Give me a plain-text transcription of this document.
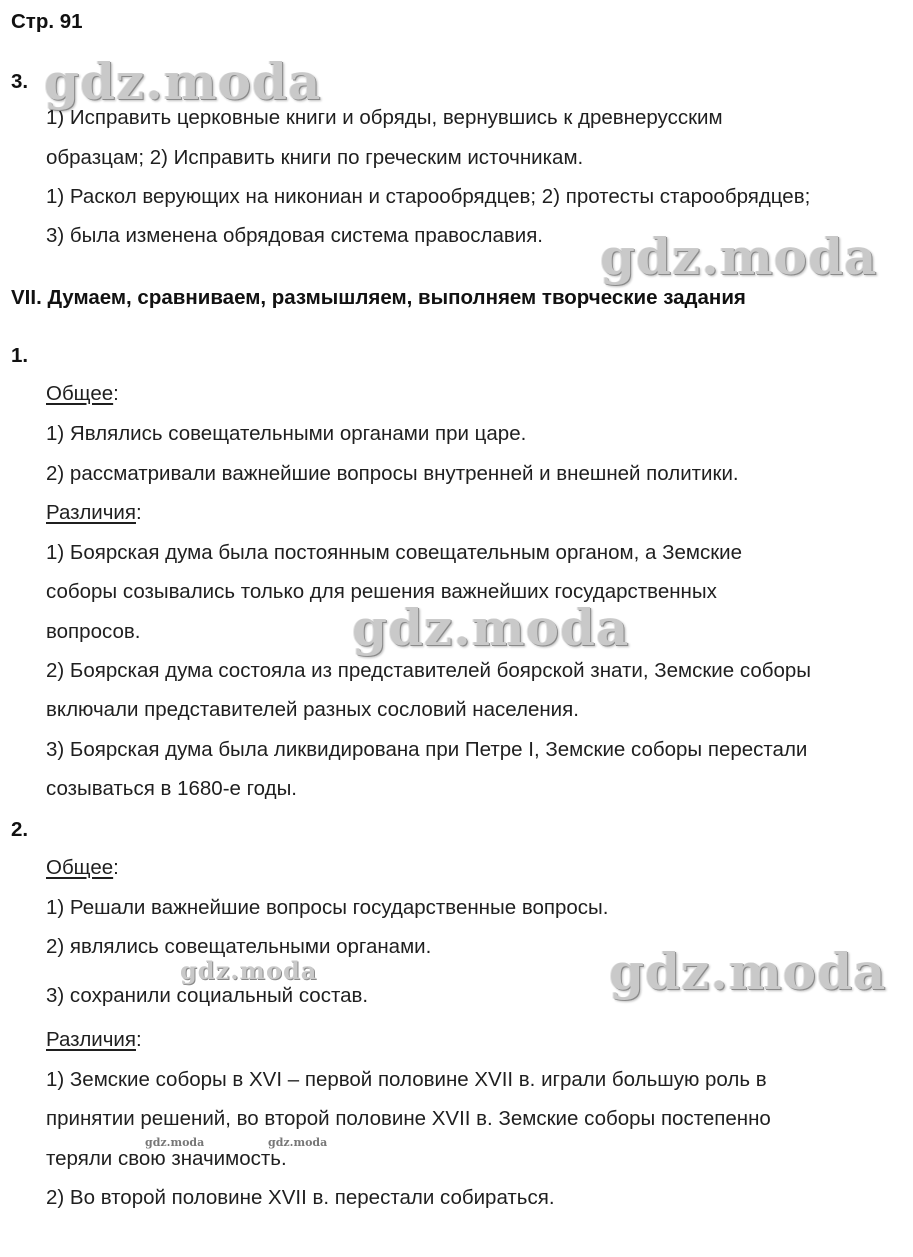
Стр. 91
3.
1) Исправить церковные книги и обряды, вернувшись к древнерусским
образцам; 2) Исправить книги по греческим источникам.
1) Раскол верующих на никониан и старообрядцев; 2) протесты старообрядцев;
3) была изменена обрядовая система православия.
VII. Думаем, сравниваем, размышляем, выполняем творческие задания
1.
Общее:
1) Являлись совещательными органами при царе.
2) рассматривали важнейшие вопросы внутренней и внешней политики.
Различия:
1) Боярская дума была постоянным совещательным органом, а Земские
соборы созывались только для решения важнейших государственных
вопросов.
2) Боярская дума состояла из представителей боярской знати, Земские соборы
включали представителей разных сословий населения.
3) Боярская дума была ликвидирована при Петре I, Земские соборы перестали
созываться в 1680-е годы.
2.
Общее:
1) Решали важнейшие вопросы государственные вопросы.
2) являлись совещательными органами.
3) сохранили социальный состав.
Различия:
1) Земские соборы в XVI – первой половине XVII в. играли большую роль в
принятии решений, во второй половине XVII в. Земские соборы постепенно
теряли свою значимость.
2) Во второй половине XVII в. перестали собираться.
gdz.moda
gdz.moda
gdz.moda
gdz.moda
gdz.moda
gdz.moda	gdz.moda
